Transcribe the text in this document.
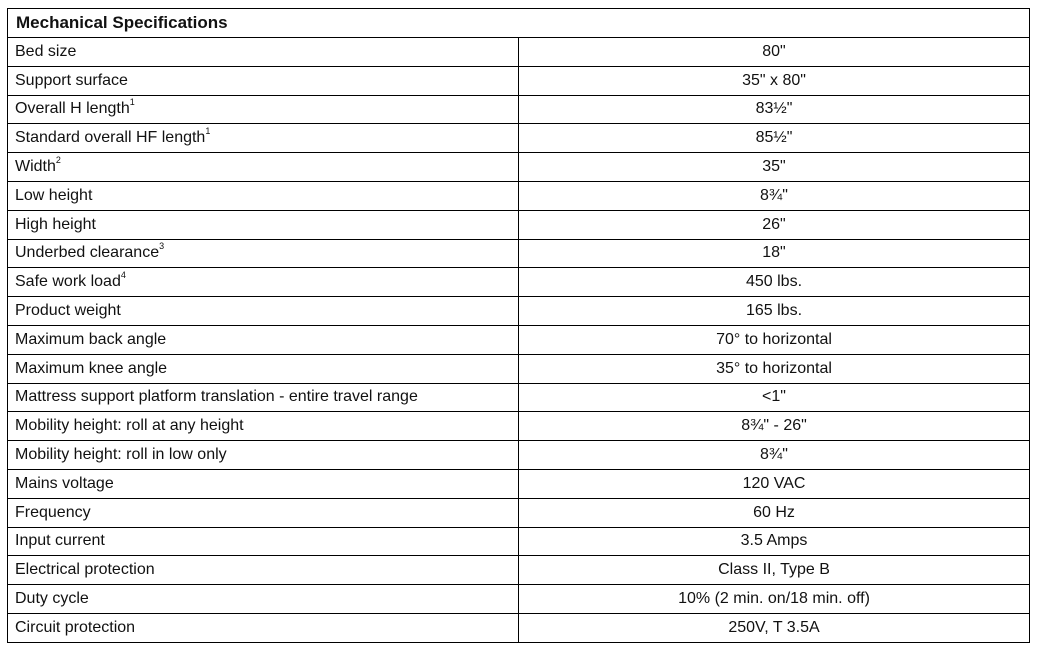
Mechanical Specifications	
Bed size	80"
Support surface	35" x 80"
Overall H length$^1$	83½"
Standard overall HF length$^1$	85½"
Width$^2$	35"
Low height	8¾"
High height	26"
Underbed clearance$^3$	18"
Safe work load$^4$	450 lbs.
Product weight	165 lbs.
Maximum back angle	70° to horizontal
Maximum knee angle	35° to horizontal
Mattress support platform translation - entire travel range	<1"
Mobility height: roll at any height	8¾" - 26"
Mobility height: roll in low only	8¾"
Mains voltage	120 VAC
Frequency	60 Hz
Input current	3.5 Amps
Electrical protection	Class II, Type B
Duty cycle	10% (2 min. on/18 min. off)
Circuit protection	250V, T 3.5A
